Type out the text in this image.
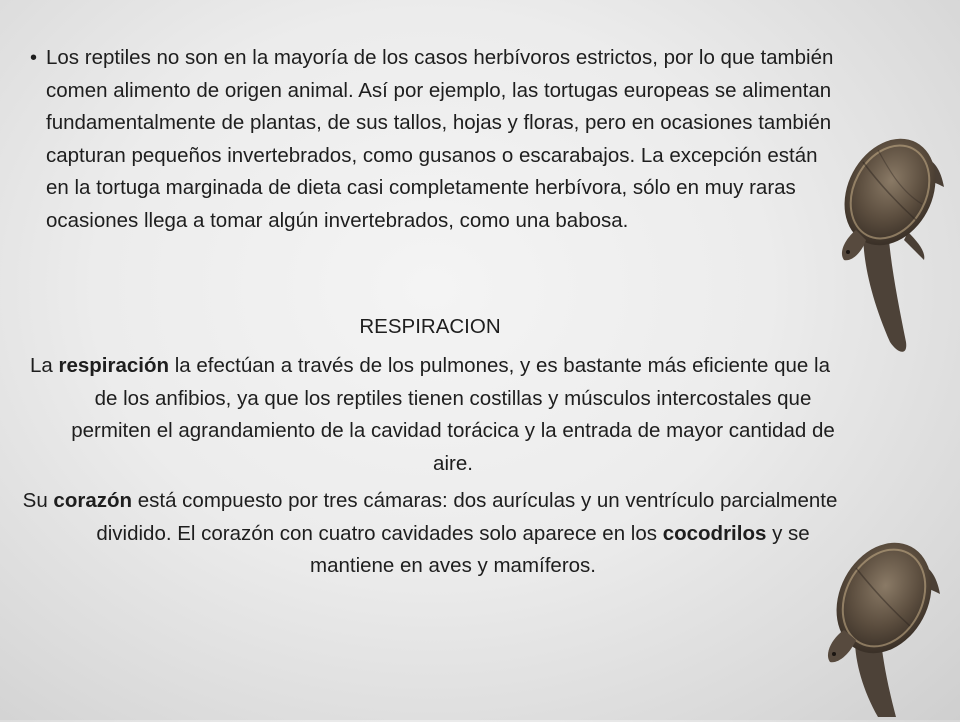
• Los reptiles no son en la mayoría de los casos herbívoros estrictos, por lo que también comen alimento de origen animal. Así por ejemplo, las tortugas europeas se alimentan fundamentalmente de plantas, de sus tallos, hojas y floras, pero en ocasiones también capturan pequeños invertebrados, como gusanos o escarabajos. La excepción están en la tortuga marginada de dieta casi completamente herbívora, sólo en muy raras ocasiones llega a tomar algún invertebrados, como una babosa.
RESPIRACION

La respiración la efectúan a través de los pulmones, y es bastante más eficiente que la de los anfibios, ya que los reptiles tienen costillas y músculos intercostales que permiten el agrandamiento de la cavidad torácica y la entrada de mayor cantidad de aire.

Su corazón está compuesto por tres cámaras: dos aurículas y un ventrículo parcialmente dividido. El corazón con cuatro cavidades solo aparece en los cocodrilos y se mantiene en aves y mamíferos.
